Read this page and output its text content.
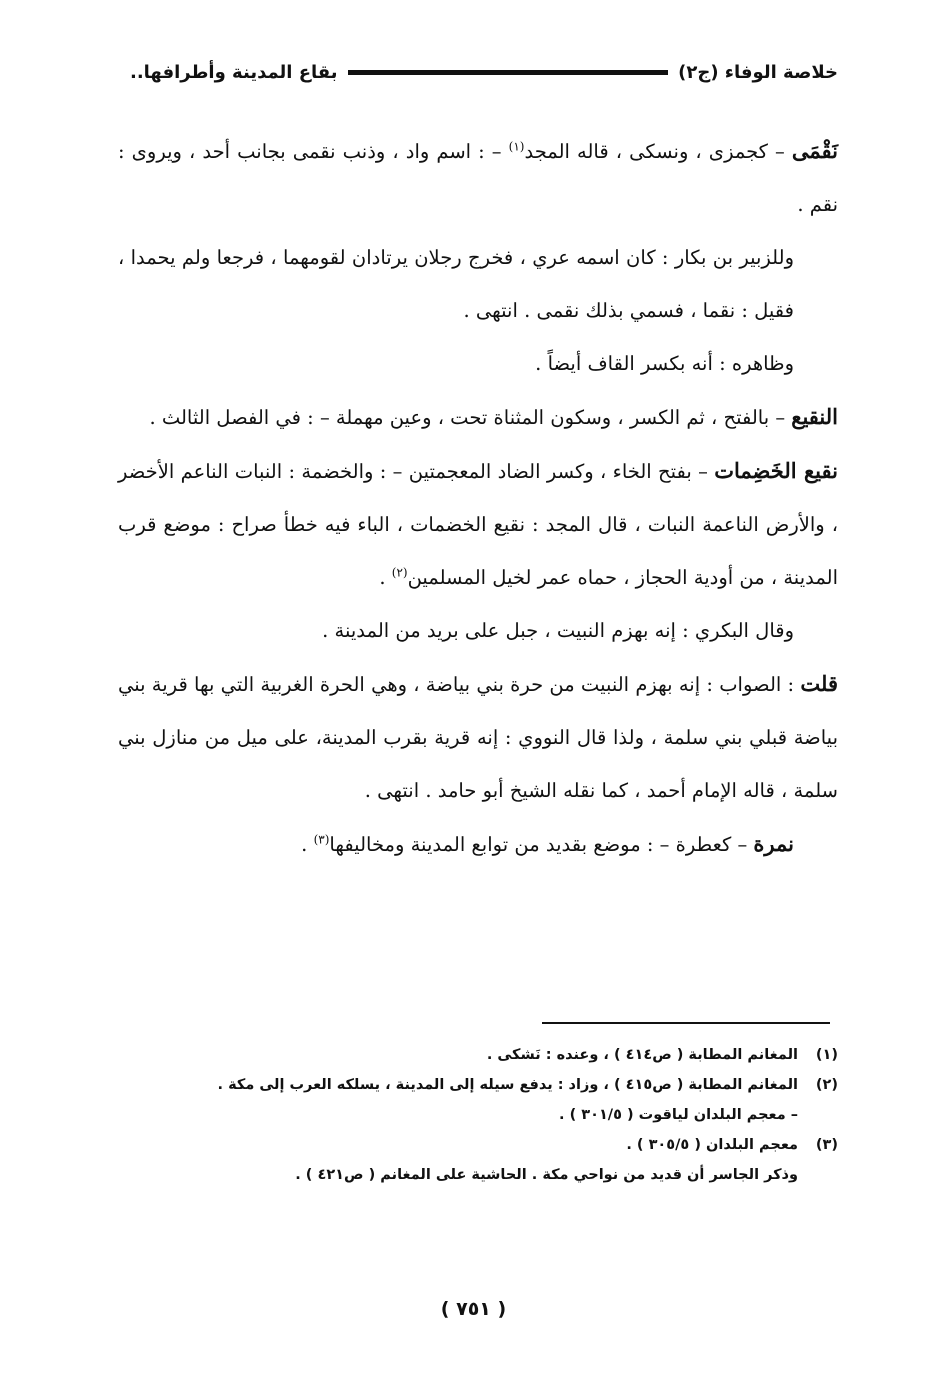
خلاصة الوفاء (ج٢)
بقاع المدينة وأطرافها..

نَقْمَى – كجمزى ، ونسكى ، قاله المجد$^{(١)}$ – : اسم واد ، وذنب نقمى بجانب أحد ، ويروى : نقم .

وللزبير بن بكار : كان اسمه عري ، فخرج رجلان يرتادان لقومهما ، فرجعا ولم يحمدا ، فقيل : نقما ، فسمي بذلك نقمى . انتهى .

وظاهره : أنه بكسر القاف أيضاً .

النقيع – بالفتح ، ثم الكسر ، وسكون المثناة تحت ، وعين مهملة – : في الفصل الثالث .

نقيع الخَضِمات – بفتح الخاء ، وكسر الضاد المعجمتين – : والخضمة : النبات الناعم الأخضر ، والأرض الناعمة النبات ، قال المجد : نقيع الخضمات ، الباء فيه خطأ صراح : موضع قرب المدينة ، من أودية الحجاز ، حماه عمر لخيل المسلمين$^{(٢)}$ .

وقال البكري : إنه بهزم النبيت ، جبل على بريد من المدينة .

قلت : الصواب : إنه بهزم النبيت من حرة بني بياضة ، وهي الحرة الغربية التي بها قرية بني بياضة قبلي بني سلمة ، ولذا قال النووي : إنه قرية بقرب المدينة، على ميل من منازل بني سلمة ، قاله الإمام أحمد ، كما نقله الشيخ أبو حامد . انتهى .

نمرة – كعطرة – : موضع بقديد من توابع المدينة ومخاليفها$^{(٣)}$ .

(١)المغانم المطابة ( ص٤١٤ ) ، وعنده : نَشكى .

(٢)المغانم المطابة ( ص٤١٥ ) ، وزاد : يدفع سيله إلى المدينة ، يسلكه العرب إلى مكة .

– معجم البلدان لياقوت ( ٣٠١/٥ ) .

(٣)معجم البلدان ( ٣٠٥/٥ ) .

وذكر الجاسر أن قديد من نواحي مكة . الحاشية على المغانم ( ص٤٢١ ) .

( ٧٥١ )
